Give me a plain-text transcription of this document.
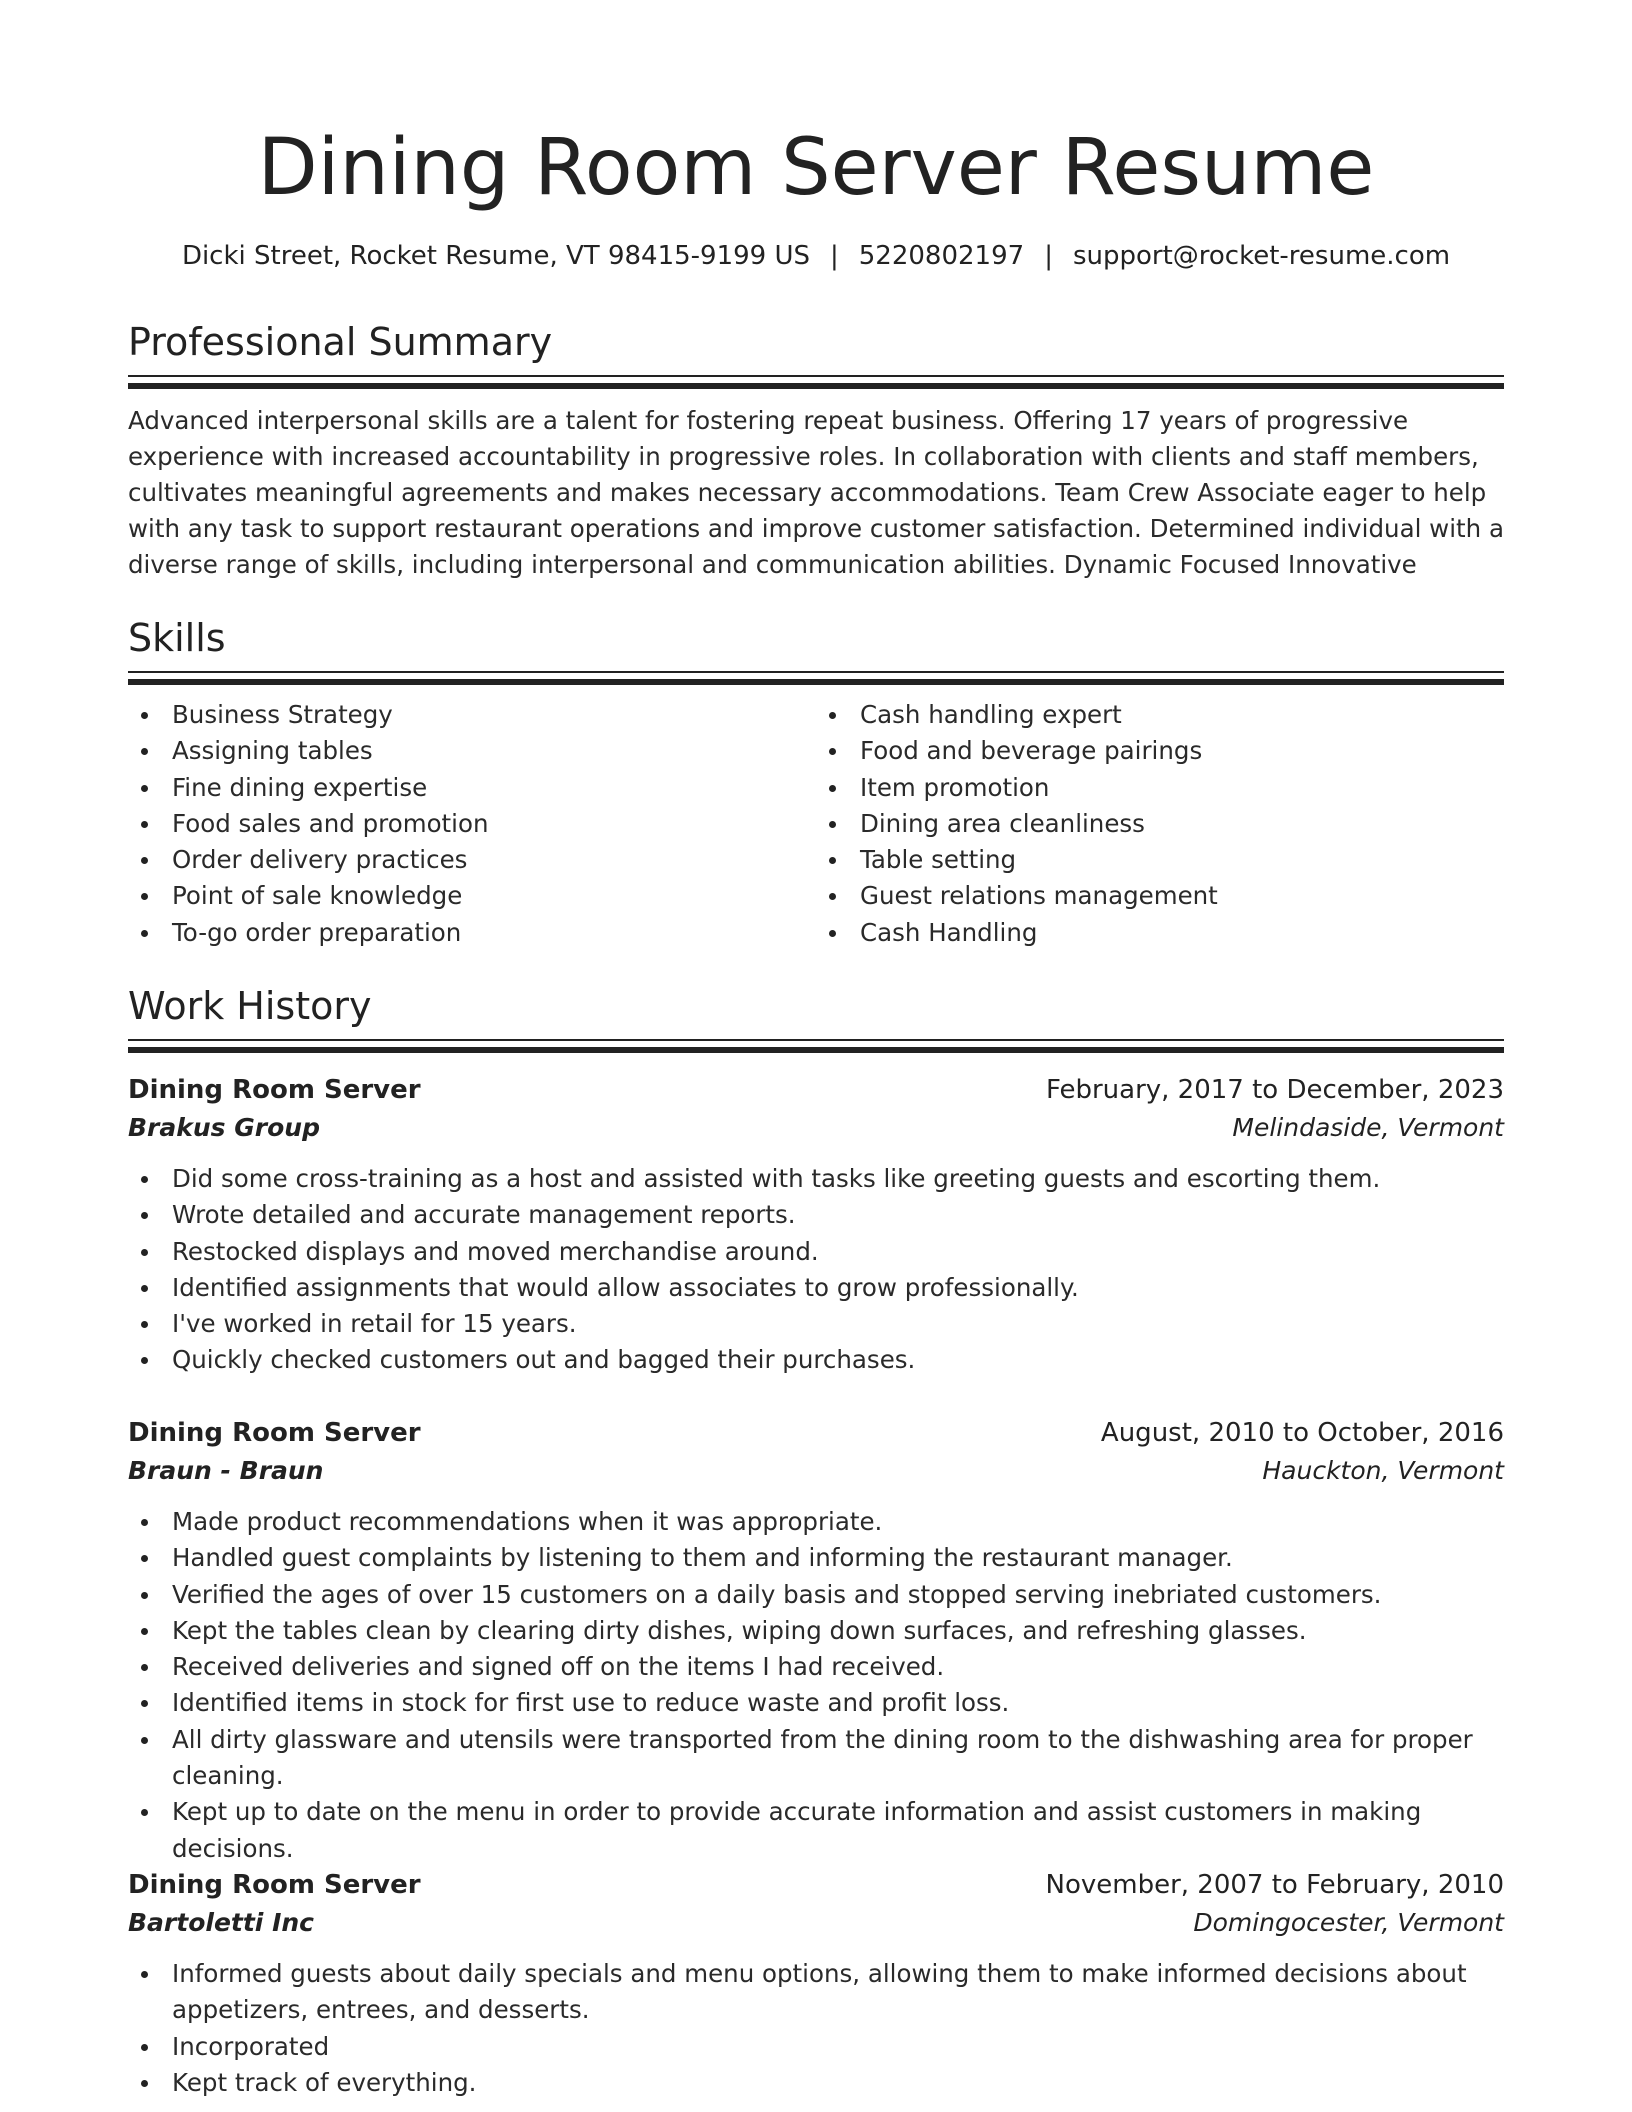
Dining Room Server Resume
Dicki Street, Rocket Resume, VT 98415-9199 US | 5220802197 | support@rocket-resume.com
Professional Summary

Advanced interpersonal skills are a talent for fostering repeat business. Offering 17 years of progressive experience with increased accountability in progressive roles. In collaboration with clients and staff members, cultivates meaningful agreements and makes necessary accommodations. Team Crew Associate eager to help with any task to support restaurant operations and improve customer satisfaction. Determined individual with a diverse range of skills, including interpersonal and communication abilities. Dynamic Focused Innovative

Skills
Business Strategy
Assigning tables
Fine dining expertise
Food sales and promotion
Order delivery practices
Point of sale knowledge
To-go order preparation
Cash handling expert
Food and beverage pairings
Item promotion
Dining area cleanliness
Table setting
Guest relations management
Cash Handling
Work History
Dining Room Server	February, 2017 to December, 2023
Brakus Group	Melindaside, Vermont
Did some cross-training as a host and assisted with tasks like greeting guests and escorting them.
Wrote detailed and accurate management reports.
Restocked displays and moved merchandise around.
Identified assignments that would allow associates to grow professionally.
I've worked in retail for 15 years.
Quickly checked customers out and bagged their purchases.
Dining Room Server	August, 2010 to October, 2016
Braun - Braun	Hauckton, Vermont
Made product recommendations when it was appropriate.
Handled guest complaints by listening to them and informing the restaurant manager.
Verified the ages of over 15 customers on a daily basis and stopped serving inebriated customers.
Kept the tables clean by clearing dirty dishes, wiping down surfaces, and refreshing glasses.
Received deliveries and signed off on the items I had received.
Identified items in stock for first use to reduce waste and profit loss.
All dirty glassware and utensils were transported from the dining room to the dishwashing area for proper cleaning.
Kept up to date on the menu in order to provide accurate information and assist customers in making decisions.
Dining Room Server	November, 2007 to February, 2010
Bartoletti Inc	Domingocester, Vermont
Informed guests about daily specials and menu options, allowing them to make informed decisions about appetizers, entrees, and desserts.
Incorporated
Kept track of everything.
